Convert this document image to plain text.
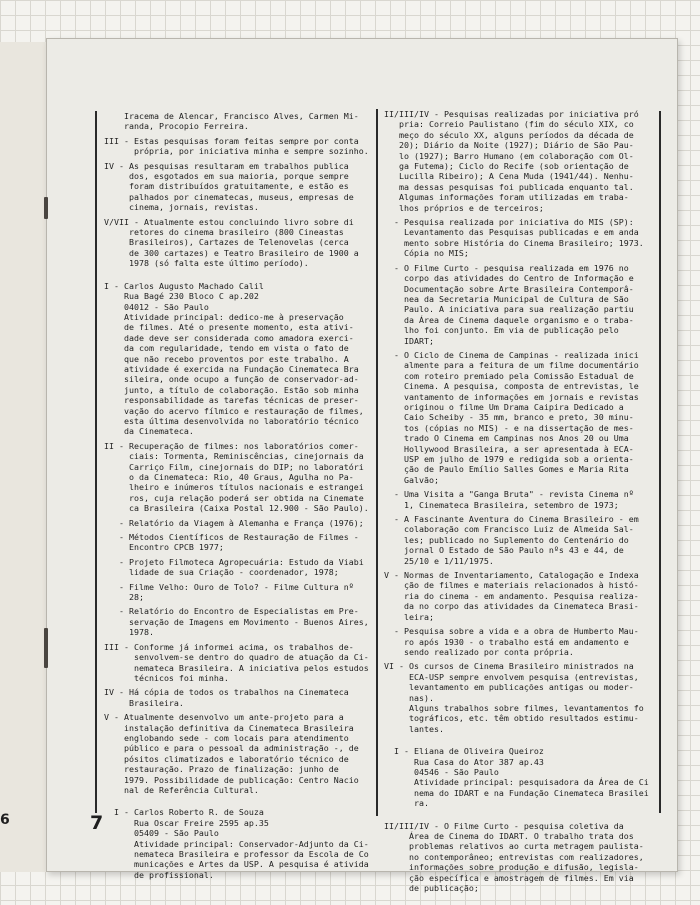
6
Iracema de Alencar, Francisco Alves, Carmen Mi-
randa, Procopio Ferreira.
III - Estas pesquisas foram feitas sempre por conta
própria, por iniciativa minha e sempre sozinho.
IV - As pesquisas resultaram em trabalhos publica
dos, esgotados em sua maioria, porque sempre
foram distribuídos gratuitamente, e estão es
palhados por cinematecas, museus, empresas de
cinema, jornais, revistas.
V/VII - Atualmente estou concluindo livro sobre di
retores do cinema brasileiro (800 Cineastas
Brasileiros), Cartazes de Telenovelas (cerca
de 300 cartazes) e Teatro Brasileiro de 1900 a
1978 (só falta este último período).
I - Carlos Augusto Machado Calil
Rua Bagé 230 Bloco C ap.202
04012 - São Paulo
Atividade principal: dedico-me à preservação
de filmes. Até o presente momento, esta ativi-
dade deve ser considerada como amadora exerci-
da com regularidade, tendo em vista o fato de
que não recebo proventos por este trabalho. A
atividade é exercida na Fundação Cinemateca Bra
sileira, onde ocupo a função de conservador-ad-
junto, a título de colaboração. Estão sob minha
responsabilidade as tarefas técnicas de preser-
vação do acervo fílmico e restauração de filmes,
esta última desenvolvida no laboratório técnico
da Cinemateca.
II - Recuperação de filmes: nos laboratórios comer-
ciais: Tormenta, Reminiscências, cinejornais da
Carriço Film, cinejornais do DIP; no laboratóri
o da Cinemateca: Rio, 40 Graus, Agulha no Pa-
lheiro e inúmeros títulos nacionais e estrangei
ros, cuja relação poderá ser obtida na Cinemate
ca Brasileira (Caixa Postal 12.900 - São Paulo).
- Relatório da Viagem à Alemanha e França (1976);
- Métodos Científicos de Restauração de Filmes -
Encontro CPCB 1977;
- Projeto Filmoteca Agropecuária: Estudo da Viabi
lidade de sua Criação - coordenador, 1978;
- Filme Velho: Ouro de Tolo? - Filme Cultura nº
28;
- Relatório do Encontro de Especialistas em Pre-
servação de Imagens em Movimento - Buenos Aires,
1978.
III - Conforme já informei acima, os trabalhos de-
senvolvem-se dentro do quadro de atuação da Ci-
nemateca Brasileira. A iniciativa pelos estudos
técnicos foi minha.
IV - Há cópia de todos os trabalhos na Cinemateca
Brasileira.
V - Atualmente desenvolvo um ante-projeto para a
instalação definitiva da Cinemateca Brasileira
englobando sede - com locais para atendimento
público e para o pessoal da administração -, de
pósitos climatizados e laboratório técnico de
restauração. Prazo de finalização: junho de
1979. Possibilidade de publicação: Centro Nacio
nal de Referência Cultural.
I - Carlos Roberto R. de Souza
Rua Oscar Freire 2595 ap.35
05409 - São Paulo
Atividade principal: Conservador-Adjunto da Ci-
nemateca Brasileira e professor da Escola de Co
municações e Artes da USP. A pesquisa é ativida
de profissional.
II/III/IV - Pesquisas realizadas por iniciativa pró
pria: Correio Paulistano (fim do século XIX, co
meço do século XX, alguns períodos da década de
20); Diário da Noite (1927); Diário de São Pau-
lo (1927); Barro Humano (em colaboração com Ol-
ga Futema); Ciclo do Recife (sob orientação de
Lucilla Ribeiro); A Cena Muda (1941/44). Nenhu-
ma dessas pesquisas foi publicada enquanto tal.
Algumas informações foram utilizadas em traba-
lhos próprios e de terceiros;
- Pesquisa realizada por iniciativa do MIS (SP):
Levantamento das Pesquisas publicadas e em anda
mento sobre História do Cinema Brasileiro; 1973.
Cópia no MIS;
- O Filme Curto - pesquisa realizada em 1976 no
corpo das atividades do Centro de Informação e
Documentação sobre Arte Brasileira Contemporâ-
nea da Secretaria Municipal de Cultura de São
Paulo. A iniciativa para sua realização partiu
da Área de Cinema daquele organismo e o traba-
lho foi conjunto. Em via de publicação pelo
IDART;
- O Ciclo de Cinema de Campinas - realizada inici
almente para a feitura de um filme documentário
com roteiro premiado pela Comissão Estadual de
Cinema. A pesquisa, composta de entrevistas, le
vantamento de informações em jornais e revistas
originou o filme Um Drama Caipira Dedicado a
Caio Scheiby - 35 mm, branco e preto, 30 minu-
tos (cópias no MIS) - e na dissertação de mes-
trado O Cinema em Campinas nos Anos 20 ou Uma
Hollywood Brasileira, a ser apresentada à ECA-
USP em julho de 1979 e redigida sob a orienta-
ção de Paulo Emílio Salles Gomes e Maria Rita
Galvão;
- Uma Visita a "Ganga Bruta" - revista Cinema nº
1, Cinemateca Brasileira, setembro de 1973;
- A Fascinante Aventura do Cinema Brasileiro - em
colaboração com Francisco Luiz de Almeida Sal-
les; publicado no Suplemento do Centenário do
jornal O Estado de São Paulo nºs 43 e 44, de
25/10 e 1/11/1975.
V - Normas de Inventariamento, Catalogação e Indexa
ção de filmes e materiais relacionados à histó-
ria do cinema - em andamento. Pesquisa realiza-
da no corpo das atividades da Cinemateca Brasi-
leira;
- Pesquisa sobre a vida e a obra de Humberto Mau-
ro após 1930 - o trabalho está em andamento e
sendo realizado por conta própria.
VI - Os cursos de Cinema Brasileiro ministrados na
ECA-USP sempre envolvem pesquisa (entrevistas,
levantamento em publicações antigas ou moder-
nas).
Alguns trabalhos sobre filmes, levantamentos fo
tográficos, etc. têm obtido resultados estimu-
lantes.
I - Eliana de Oliveira Queiroz
Rua Casa do Ator 387 ap.43
04546 - São Paulo
Atividade principal: pesquisadora da Área de Ci
nema do IDART e na Fundação Cinemateca Brasilei
ra.
II/III/IV - O Filme Curto - pesquisa coletiva da
Área de Cinema do IDART. O trabalho trata dos
problemas relativos ao curta metragem paulista-
no contemporâneo; entrevistas com realizadores,
informações sobre produção e difusão, legisla-
ção específica e amostragem de filmes. Em via
de publicação;
7
